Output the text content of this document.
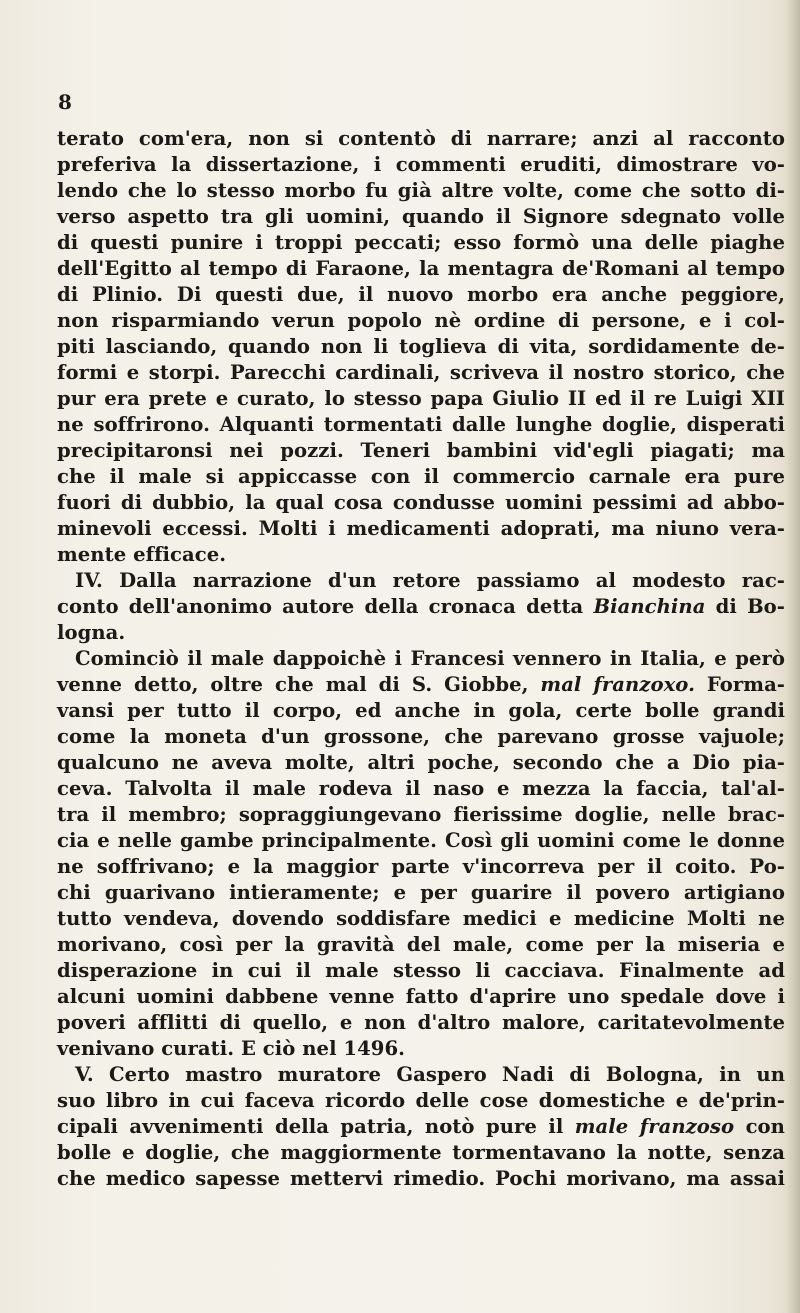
8
terato com'era, non si contentò di narrare; anzi al racconto
preferiva la dissertazione, i commenti eruditi, dimostrare vo-
lendo che lo stesso morbo fu già altre volte, come che sotto di-
verso aspetto tra gli uomini, quando il Signore sdegnato volle
di questi punire i troppi peccati; esso formò una delle piaghe
dell'Egitto al tempo di Faraone, la mentagra de'Romani al tempo
di Plinio. Di questi due, il nuovo morbo era anche peggiore,
non risparmiando verun popolo nè ordine di persone, e i col-
piti lasciando, quando non li toglieva di vita, sordidamente de-
formi e storpi. Parecchi cardinali, scriveva il nostro storico, che
pur era prete e curato, lo stesso papa Giulio II ed il re Luigi XII
ne soffrirono. Alquanti tormentati dalle lunghe doglie, disperati
precipitaronsi nei pozzi. Teneri bambini vid'egli piagati; ma
che il male si appiccasse con il commercio carnale era pure
fuori di dubbio, la qual cosa condusse uomini pessimi ad abbo-
minevoli eccessi. Molti i medicamenti adoprati, ma niuno vera-
mente efficace.
IV. Dalla narrazione d'un retore passiamo al modesto rac-
conto dell'anonimo autore della cronaca detta Bianchina di Bo-
logna.
Cominciò il male dappoichè i Francesi vennero in Italia, e però
venne detto, oltre che mal di S. Giobbe, mal franzoxo. Forma-
vansi per tutto il corpo, ed anche in gola, certe bolle grandi
come la moneta d'un grossone, che parevano grosse vajuole;
qualcuno ne aveva molte, altri poche, secondo che a Dio pia-
ceva. Talvolta il male rodeva il naso e mezza la faccia, tal'al-
tra il membro; sopraggiungevano fierissime doglie, nelle brac-
cia e nelle gambe principalmente. Così gli uomini come le donne
ne soffrivano; e la maggior parte v'incorreva per il coito. Po-
chi guarivano intieramente; e per guarire il povero artigiano
tutto vendeva, dovendo soddisfare medici e medicine Molti ne
morivano, così per la gravità del male, come per la miseria e
disperazione in cui il male stesso li cacciava. Finalmente ad
alcuni uomini dabbene venne fatto d'aprire uno spedale dove i
poveri afflitti di quello, e non d'altro malore, caritatevolmente
venivano curati. E ciò nel 1496.
V. Certo mastro muratore Gaspero Nadi di Bologna, in un
suo libro in cui faceva ricordo delle cose domestiche e de'prin-
cipali avvenimenti della patria, notò pure il male franzoso con
bolle e doglie, che maggiormente tormentavano la notte, senza
che medico sapesse mettervi rimedio. Pochi morivano, ma assai
